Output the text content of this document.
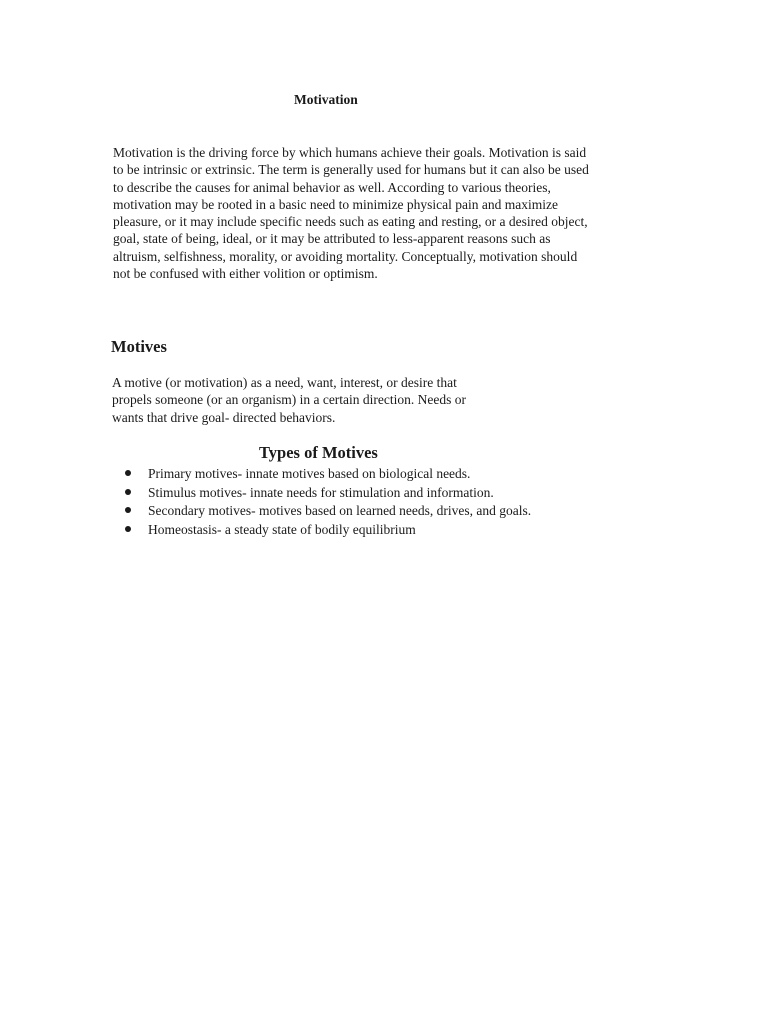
Motivation

Motivation is the driving force by which humans achieve their goals. Motivation is said
to be intrinsic or extrinsic. The term is generally used for humans but it can also be used
to describe the causes for animal behavior as well. According to various theories,
motivation may be rooted in a basic need to minimize physical pain and maximize
pleasure, or it may include specific needs such as eating and resting, or a desired object,
goal, state of being, ideal, or it may be attributed to less-apparent reasons such as
altruism, selfishness, morality, or avoiding mortality. Conceptually, motivation should
not be confused with either volition or optimism.

Motives

A motive (or motivation) as a need, want, interest, or desire that
propels someone (or an organism) in a certain direction. Needs or
wants that drive goal- directed behaviors.

Types of Motives
Primary motives- innate motives based on biological needs.
Stimulus motives- innate needs for stimulation and information.
Secondary motives- motives based on learned needs, drives, and goals.
Homeostasis- a steady state of bodily equilibrium
